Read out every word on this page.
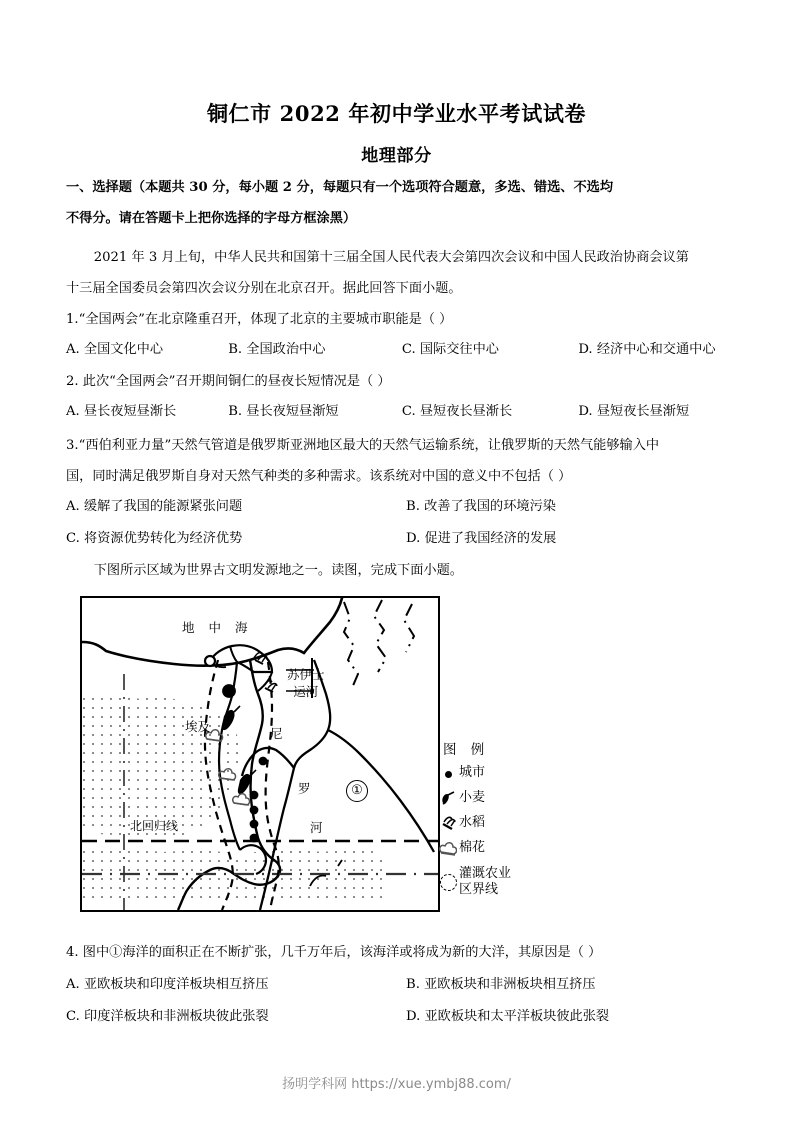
铜仁市 2022 年初中学业水平考试试卷
地理部分
一、选择题（本题共 30 分，每小题 2 分，每题只有一个选项符合题意，多选、错选、不选均
不得分。请在答题卡上把你选择的字母方框涂黑）
2021 年 3 月上旬，中华人民共和国第十三届全国人民代表大会第四次会议和中国人民政治协商会议第
十三届全国委员会第四次会议分别在北京召开。据此回答下面小题。
1.“全国两会”在北京隆重召开，体现了北京的主要城市职能是（ ）
A. 全国文化中心	B. 全国政治中心	C. 国际交往中心	D. 经济中心和交通中心
2. 此次“全国两会”召开期间铜仁的昼夜长短情况是（ ）
A. 昼长夜短昼渐长	B. 昼长夜短昼渐短	C. 昼短夜长昼渐长	D. 昼短夜长昼渐短
3.“西伯利亚力量”天然气管道是俄罗斯亚洲地区最大的天然气运输系统，让俄罗斯的天然气能够输入中
国，同时满足俄罗斯自身对天然气种类的多种需求。该系统对中国的意义中不包括（ ）
A. 缓解了我国的能源紧张问题	B. 改善了我国的环境污染
C. 将资源优势转化为经济优势	D. 促进了我国经济的发展
下图所示区域为世界古文明发源地之一。读图，完成下面小题。
地 中 海
苏伊士
运河
埃及	尼
罗
河
北回归线
①
图 例
城市
小麦
水稻
棉花
灌溉农业
区界线
4. 图中①海洋的面积正在不断扩张，几千万年后，该海洋或将成为新的大洋，其原因是（ ）
A. 亚欧板块和印度洋板块相互挤压	B. 亚欧板块和非洲板块相互挤压
C. 印度洋板块和非洲板块彼此张裂	D. 亚欧板块和太平洋板块彼此张裂
扬明学科网 https://xue.ymbj88.com/
